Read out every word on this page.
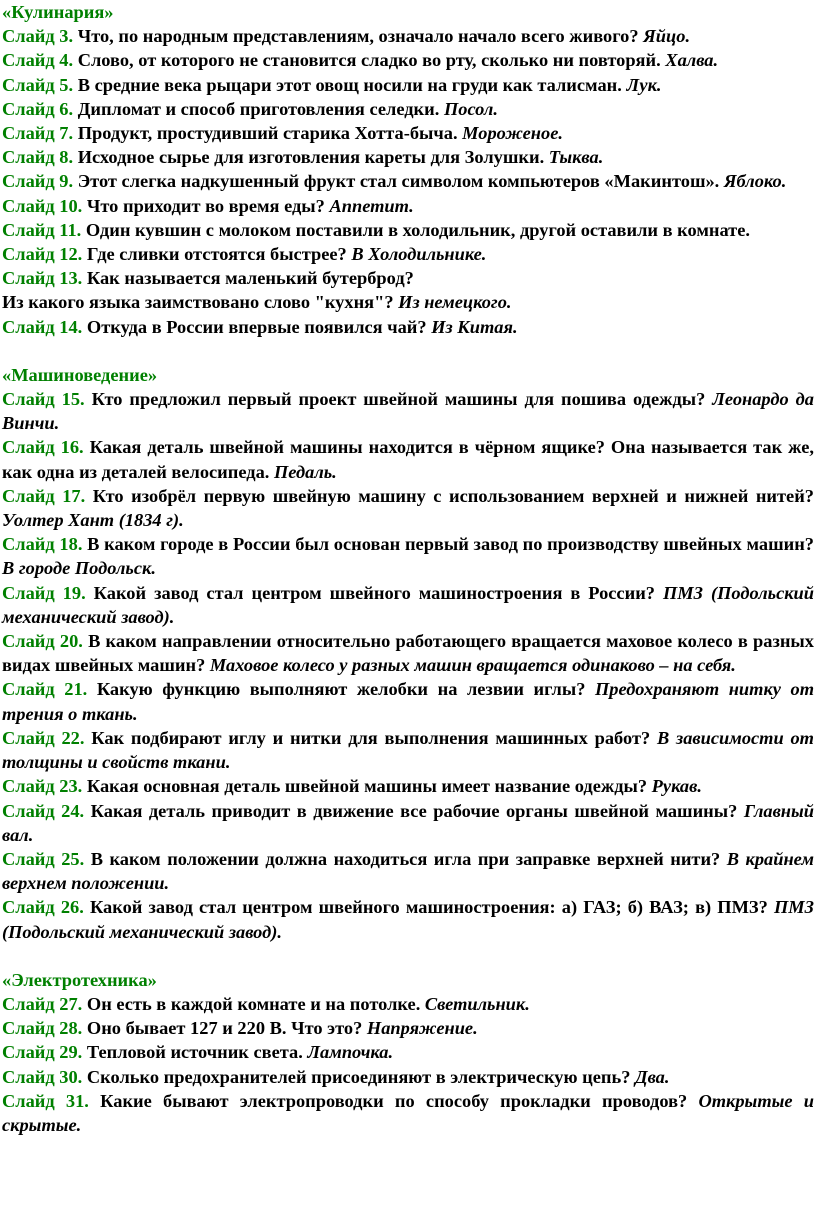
«Кулинария»
Слайд 3. Что, по народным представлениям, означало начало всего живого? Яйцо.
Слайд 4. Слово, от которого не становится сладко во рту, сколько ни повторяй. Халва.
Слайд 5. В средние века рыцари этот овощ носили на груди как талисман. Лук.
Слайд 6. Дипломат и способ приготовления селедки. Посол.
Слайд 7. Продукт, простудивший старика Хотта-быча. Мороженое.
Слайд 8. Исходное сырье для изготовления кареты для Золушки. Тыква.
Слайд 9. Этот слегка надкушенный фрукт стал символом компьютеров «Макинтош». Яблоко.
Слайд 10. Что приходит во время еды? Аппетит.
Слайд 11. Один кувшин с молоком поставили в холодильник, другой оставили в комнате.
Слайд 12. Где сливки отстоятся быстрее? В Холодильнике.
Слайд 13. Как называется маленький бутерброд?
Из какого языка заимствовано слово "кухня"? Из немецкого.
Слайд 14. Откуда в России впервые появился чай? Из Китая.
«Машиноведение»
Слайд 15. Кто предложил первый проект швейной машины для пошива одежды? Леонардо да Винчи.
Слайд 16. Какая деталь швейной машины находится в чёрном ящике? Она называется так же, как одна из деталей велосипеда. Педаль.
Слайд 17. Кто изобрёл первую швейную машину с использованием верхней и нижней нитей? Уолтер Хант (1834 г).
Слайд 18. В каком городе в России был основан первый завод по производству швейных машин? В городе Подольск.
Слайд 19. Какой завод стал центром швейного машиностроения в России? ПМЗ (Подольский механический завод).
Слайд 20. В каком направлении относительно работающего вращается маховое колесо в разных видах швейных машин? Маховое колесо у разных машин вращается одинаково – на себя.
Слайд 21. Какую функцию выполняют желобки на лезвии иглы? Предохраняют нитку от трения о ткань.
Слайд 22. Как подбирают иглу и нитки для выполнения машинных работ? В зависимости от толщины и свойств ткани.
Слайд 23. Какая основная деталь швейной машины имеет название одежды? Рукав.
Слайд 24. Какая деталь приводит в движение все рабочие органы швейной машины? Главный вал.
Слайд 25. В каком положении должна находиться игла при заправке верхней нити? В крайнем верхнем положении.
Слайд 26. Какой завод стал центром швейного машиностроения: а) ГАЗ; б) ВАЗ; в) ПМЗ? ПМЗ (Подольский механический завод).
«Электротехника»
Слайд 27. Он есть в каждой комнате и на потолке. Светильник.
Слайд 28. Оно бывает 127 и 220 В. Что это? Напряжение.
Слайд 29. Тепловой источник света. Лампочка.
Слайд 30. Сколько предохранителей присоединяют в электрическую цепь? Два.
Слайд 31. Какие бывают электропроводки по способу прокладки проводов? Открытые и скрытые.
